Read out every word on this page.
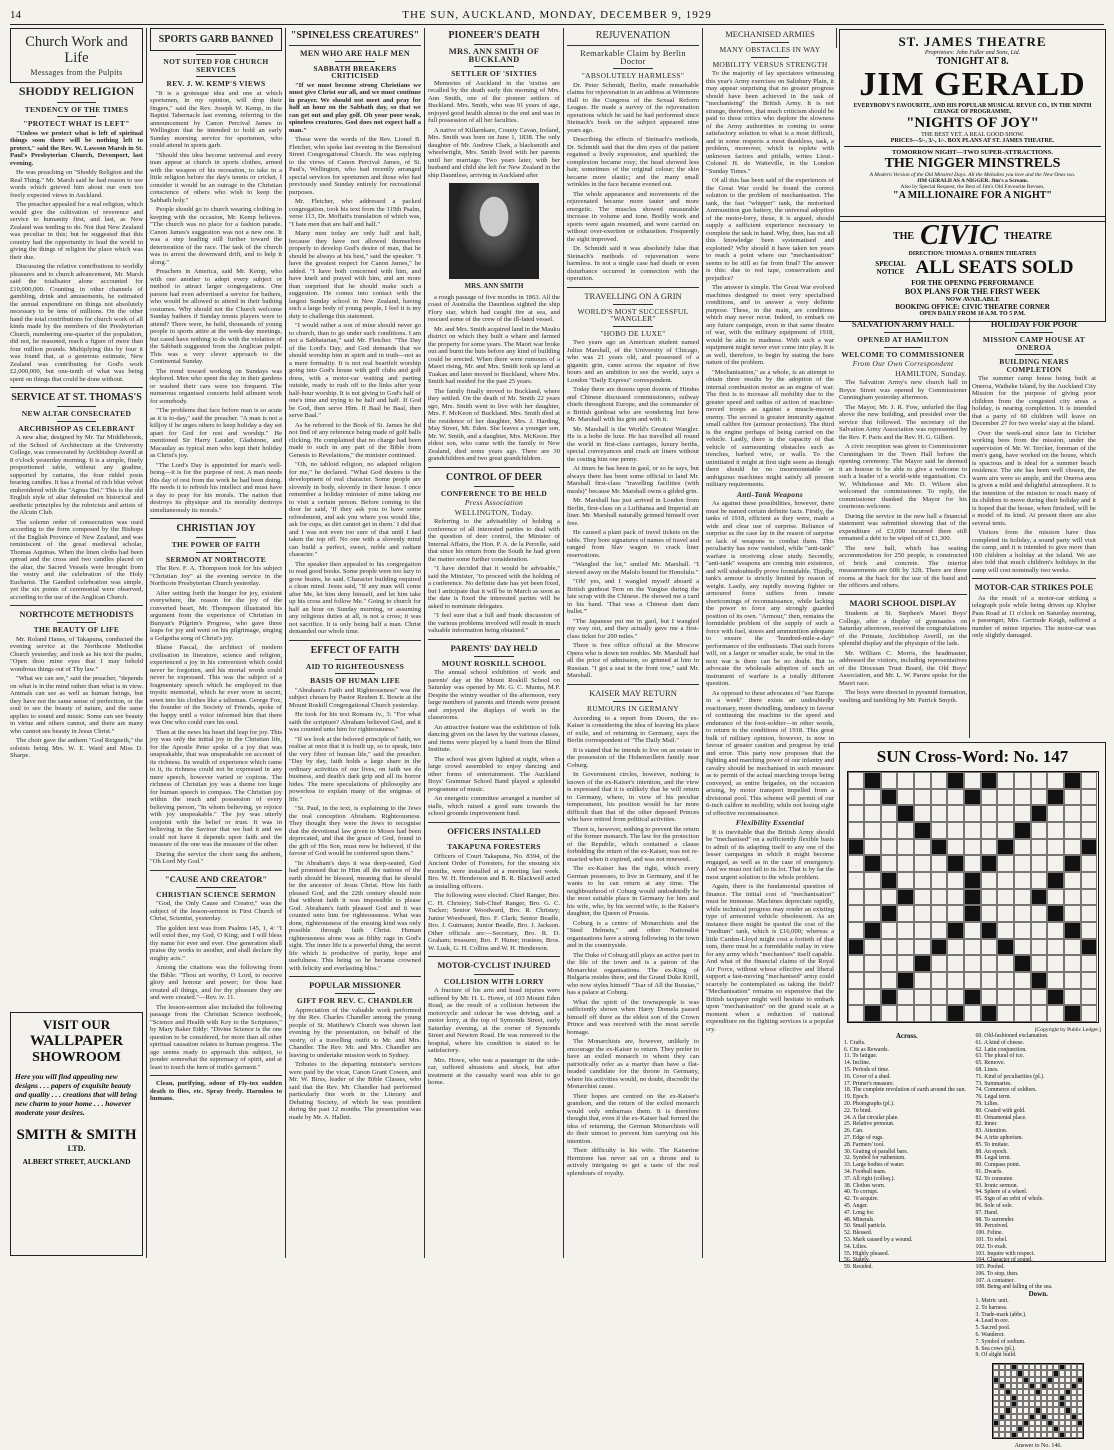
14	THE SUN, AUCKLAND, MONDAY, DECEMBER 9, 1929
Church Work and Life
Messages from the Pulpits
SHODDY RELIGION
TENDENCY OF THE TIMES
"PROTECT WHAT IS LEFT"

"Unless we protect what is left of spiritual things soon there will be nothing left to protect," said the Rev. W. Lawson Marsh in St. Paul's Presbyterian Church, Devonport, last evening.

He was preaching on "Shoddy Religion and the Real Thing." Mr. Marsh said he had reason to use words which grieved him about our own too freely expected views in Auckland.

The preacher appealed for a real religion, which would give the cultivation of reverence and service to humanity first, and last, as New Zealand was tending to do. Not that New Zealand was peculiar in this; but he suggested that this country had the opportunity to lead the world in giving the things of religion the place which was their due.

Discussing the relative contributions to worldly pleasures and to church advancement, Mr. Marsh said the totalisator alone accounted for £10,000,000. Counting in other channels of gambling, drink and amusements, he estimated the annual expenditure on things not absolutely necessary to be tens of millions. On the other hand the total contributions for church work of all kinds made by the members of the Presbyterian Church, numbering one-quarter of the population, did not, he reasoned, reach a figure of more than four million pounds. Multiplying this by four it was found that, at a generous estimate, New Zealand was contributing for God's work £2,000,000, but one-tenth of what was being spent on things that could be done without.

SERVICE AT ST. THOMAS'S
NEW ALTAR CONSECRATED
ARCHBISHOP AS CELEBRANT

A new altar, designed by Mr. Tar Middlebrook, of the School of Architecture at the University College, was consecrated by Archbishop Averill at 8 o'clock yesterday morning. It is a simple, finely proportioned table, without any gradine, supported by curtains, the four riddel posts bearing candles. It has a frontal of rich blue velvet embroidered with the "Agnus Dei." This is the old English style of altar defended on historical and aesthetic principles by the rubricists and artists of the Alcuin Club.

The solemn order of consecration was used according to the form composed by the Bishops of the English Province of New Zealand, and was reminiscent of the great medieval scholar, Thomas Aquinas. When the linen cloths had been spread and the cross and two candles placed on the altar, the Sacred Vessels were brought from the vestry and the celebration of the Holy Eucharist. The Gandled celebration was simple, yet the six points of ceremonial were observed, according to the use of the Anglican Church.

NORTHCOTE METHODISTS
THE BEAUTY OF LIFE

Mr. Roland Hanes, of Takapuna, conducted the evening service at the Northcote Methodist Church yesterday, and took as his text the psalm, "Open thou mine eyes that I may behold wondrous things out of Thy law."

"What we can see," said the preacher, "depends on what is in the mind rather than what is in view. Animals can see as well as human beings, but they have not the same sense of perfection, or the soul to see the beauty of nature, and the same applies to sound and music. Some can see beauty in virtue and others cannot, and there are many who cannot see beauty in Jesus Christ."

The choir gave the anthem "God Reigneth," the soloists being Mrs. W. E. Ward and Miss D. Sharpe.

VISIT OUR
WALLPAPER
SHOWROOM
Here you will find appealing new designs . . . papers of exquisite beauty and quality . . . creations that will bring new charm to your home . . . however moderate your desires.
SMITH & SMITH
LTD.
ALBERT STREET, AUCKLAND
SPORTS GARB BANNED
NOT SUITED FOR CHURCH SERVICES
REV. J. W. KEMP'S VIEWS

"It is a grotesque idea and one at which sportsmen, in my opinion, will drop their fingers," said the Rev. Joseph W. Kemp, in the Baptist Tabernacle last evening, referring to the announcement by Canon Percival James in Wellington that he intended to hold an early Sunday morning service for sportsmen, who could attend in sports garb.

"Should this idea become universal and every man appear at church in sports clothes, armed with the weapon of his recreation, to take in a little religion before the day's tennis or cricket, I consider it would be an outrage to the Christian conscience of others who wish to keep the Sabbath holy."

People should go to church wearing clothing in keeping with the occasion, Mr. Kemp believes. "The church was no place for a fashion parade. Canon James's suggestion was not a new one. It was a step leading still further toward the deterioration of the race. The task of the church was to arrest the downward drift, and to help it along."

Preachers in America, said Mr. Kemp, who with one another to adopt every subject or method to attract larger congregations. One parson had even advertised a service for bathers, who would be allowed to attend in their bathing costumes. Why should not the Church welcome Sunday bathers if Sunday tennis players were to attend? There were, he held, thousands of young people in sports attire at the week-day meetings, but cared have nothing to do with the violation of the Sabbath suggested from the Anglican pulpit. This was a very clever approach to the Continental Sunday.

The trend toward working on Sundays was deplored. Men who spent the day in their gardens or washed their cars were too frequent. The numerous organised concerts held ailment work for somebody.

"The problems that face before man is so acute as it is to-day," said the preacher. "A man is not a killjoy if he urges others to keep holiday a day set apart for God for rest and worship." He mentioned Sir Harry Lauder, Gladstone, and Macaulay as typical men who kept their holiday as Christ's joy.

"The Lord's Day is appointed for man's well-being—it is for the purpose of rest. A man needs this day of rest from the work he had been doing. He needs it to refresh his intellect and must have a day to pray for his morals. The nation that destroys its physique and its morality destroys simultaneously its morals."

CHRISTIAN JOY
THE POWER OF FAITH
SERMON AT NORTHCOTE

The Rev. F. A. Thompson took for his subject "Christian Joy" at the evening service in the Northcote Presbyterian Church yesterday.

After setting forth the hunger for joy, existent everywhere, the reason for the joy of the converted heart, Mr. Thompson illustrated his argument from the experience of Christian in Bunyan's Pilgrim's Progress, who gave three leaps for joy and went on his pilgrimage, singing a Golgotha song of Christ's joy.

Blaise Pascal, the architect of modern civilisation in literature, science and religion, experienced a joy in his conversion which could never be forgotten, and his mortal words could never be expressed. This was the subject of a fragmentary speech which he employed in that mystic memorial, which he ever wore in secret, sewn into his clothes like a talisman. George Fox, the founder of the Society of Friends, spoke of the happy until a voice informed him that there was One who could cure his soul.

Then at the news his heart did leap for joy. This joy was only the initial joy in the Christian life, for the Apostle Peter spoke of a joy that was unspeakable, that was unspeakable on account of its richness. Its wealth of experience which came to it, its richness could not be expressed in any mere speech, however varied or copious. The richness of Christian joy was a theme too huge for human speech to compass. The Christian joy within the reach and possession of every believing person, "In whom believing, ye rejoice with joy unspeakable." The joy was utterly conjoint with the belief or trust. It was in believing in the Saviour that we had it and we could not have it depends upon faith and the measure of the one was the measure of the other.

During the service the choir sang the anthem, "Oh Lord My God."

"CAUSE AND CREATOR"
CHRISTIAN SCIENCE SERMON

"God, the Only Cause and Creator," was the subject of the lesson-sermon in First Church of Christ, Scientist, yesterday.

The golden text was from Psalms 145, 1, 4: "I will extol thee, my God, O King; and I will bless thy name for ever and ever. One generation shall praise thy works to another, and shall declare thy mighty acts."

Among the citations was the following from the Bible: "Thou art worthy, O Lord, to receive glory and honour and power; for thou hast created all things, and for thy pleasure they are and were created."—Rev. iv. 11.

The lesson-sermon also included the following passage from the Christian Science textbook, "Science and Health with Key to the Scriptures," by Mary Baker Eddy: "Divine Science is the one question to be considered, for more than all other spiritual causation relates to human progress. The age seems ready to approach this subject, to ponder somewhat the supremacy of spirit, and at least to touch the hem of truth's garment."

Clean, purifying, odour of Fly-tox sudden death to flies, etc. Spray freely. Harmless to humans.

"SPINELESS CREATURES"
MEN WHO ARE HALF MEN
SABBATH BREAKERS CRITICISED

"If we must become strong Christians we must give Christ our all, and we must continue in prayer. We should not meet and pray for half an hour on the Sabbath day, so that we can get out and play golf. Oh your poor weak, spineless creatures. God does not expect half a man."

These were the words of the Rev. Lionel B. Fletcher, who spoke last evening in the Beresford Street Congregational Church. He was replying to the views of Canon Percival James, of St. Paul's, Wellington, who had recently arranged special services for sportsmen and those who had previously used Sunday entirely for recreational purposes.

Mr. Fletcher, who addressed a packed congregation, took his text from the 119th Psalm, verse 113, Dr. Moffatt's translation of which was, "I hate men that are half and half."

Many men today are only half and half, because they have not allowed themselves properly to develop God's desire of man, that he should be always at his best," said the speaker. "I have the greatest respect for Canon James," he added. "I have both concerned with him, and have knelt and prayed with him, and am more than surprised that he should make such a suggestion. He comes into contact with the largest Sunday school in New Zealand, having such a large body of young people, I feel it is my duty to challenge this statement.

"I would rather a son of mine should never go to church, than to go under such conditions. I am not a Sabbatarian," said Mr. Fletcher. "The Day of the Lord's Day, and God demands that we should worship him in spirit and in truth—not as a mere formality. It is not real heartfelt worship going into God's house with golf clubs and golf dress, with a motor-car waiting and parting outside, ready to rush off to the links after your half-hour worship. It is not giving to God's half of one's time and trying to be half and half. If God be God, then serve Him. If Baal be Baal, then serve Baal."

As he referred to the Book of St. James he did not find of any reference being made of golf balls clicking. He complained that no charge had been made to such in any part of the Bible from Genesis to Revelations," the minister continued.

"Oh, no tabloid religion, no adapted religion for me," he declared. "What God desires is the development of real character. Some people are slovenly in body, slovenly in their house. I once remember a holiday minister of mine taking me to visit a certain person. Before coming to the door he said, 'If they ask you to have some refreshment, and ask you where you would like, ask for cups, as dirt cannot get in them.' I did that and I was not even too sure of that until I had taken the top off. No one with a slovenly mind can build a perfect, sweet, noble and radiant character."

The speaker then appealed to his congregation to read good books. Some people were too lazy to grow brains, he said. Character building required a clean mind. Jesus said, "If any man will come after Me, let him deny himself, and let him take up his cross and follow Me." Going to church for half an hour on Sunday morning, or assuming any religious duties at all, is not a cross; it was not sacrifice. It is only being half a man. Christ demanded our whole time.

EFFECT OF FAITH
AID TO RIGHTEOUSNESS
BASIS OF HUMAN LIFE

"Abraham's Faith and Righteousness" was the subject chosen by Pastor Reuben E. Bowie at the Mount Roskill Congregational Church yesterday.

He took for his text Romans iv., 3: "For what saith the scripture? Abraham believed God, and it was counted unto him for righteousness."

"If we look at the beloved principle of faith, we realise at once that it is built up, so to speak, into the very fibre of human life," said the preacher. "Day by day, faith holds a large share in the ordinary activities of our lives, on faith we do business, and death's dark grip and all its horror hides. The mere speculations of philosophy are powerless to explain many of the enigmas of life."

"St. Paul, in the text, is explaining to the Jews the real conception Abraham. Righteousness. They thought they were the Jews to recognise that the devotional law given to Moses had been deprecated, and that the grace of God, found in the gift of His Son, must now be believed, if the favour of God would be conferred upon them."

"In Abraham's days it was deep-seated, God had promised that in Him all the nations of the earth should be blessed, meaning that he should be the ancestor of Jesus Christ. How his faith pleased God, and the 22th century should note that without faith it was impossible to please God. Abraham's faith pleased God and it was counted unto him for righteousness. What was done, righteousness of the ensuing kind was only possible through faith Christ. Human righteousness alone was as filthy rags in God's sight. The inner life is a powerful thing, the secret life which is productive of purity, hope and usefulness. This being so he became crowned with felicity and everlasting bliss."

POPULAR MISSIONER
GIFT FOR REV. C. CHANDLER

Appreciation of the valuable work performed by the Rev. Charles Chandler among the young people of St. Matthew's Church was shown last evening by the presentation, on behalf of the vestry, of a travelling outfit to Mr. and Mrs. Chandler. The Rev. Mr. and Mrs. Chandler are leaving to undertake mission work in Sydney.

Tributes to the departing minister's services were paid by the vicar, Canon Grant Cowen, and Mr. W. Birss, leader of the Bible Classes, who said that the Rev. Mr. Chandler had performed particularly fine work in the Literary and Debating Society, of which he was president during the past 12 months. The presentation was made by Mr. A. Hallett.

PIONEER'S DEATH
MRS. ANN SMITH OF BUCKLAND
SETTLER OF 'SIXTIES

Memories of Auckland in the 'sixties are recalled by the death early this morning of Mrs. Ann Smith, one of the pioneer settlers of Buckland. Mrs. Smith, who was 91 years of age, enjoyed good health almost to the end and was in full possession of all her faculties.

A native of Killarnkare, County Cavan, Ireland, Mrs. Smith was born on June 1, 1838. The only daughter of Mr. Andrew Clark, a blacksmith and wheelwright, Mrs. Smith lived with her parents until her marriage. Two years later, with her husband and child she left for New Zealand in the ship Dauntless, arriving in Auckland after

MRS. ANN SMITH

a rough passage of five months in 1863. All the coast of Australia the Dauntless sighted the ship Flory star, which had caught fire at sea, and rescued some of the crew of the ill-fated vessel.

Mr. and Mrs. Smith acquired land in the Mauku district on which they built a whare and farmed the property for some years. The Maori war broke out and burnt the huts before any kind of building could be erected. When there were rumours of a Maori rising, Mr. and Mrs. Smith took up land at Tuakau and later moved to Buckland, where Mrs. Smith had resided for the past 25 years.

The family finally moved to Buckland, where they settled. On the death of Mr. Smith 22 years ago, Mrs. Smith went to live with her daughter, Mrs. F. McKeon of Buckland. Mrs. Smith died at the residence of her daughter, Mrs. J. Harding, May Street, Mt. Eden. She leaves a younger son, Mr. W. Smith, and a daughter, Mrs. McKeon. Her eldest son, who came with the family to New Zealand, died some years ago. There are 30 grandchildren and two great grandchildren.

CONTROL OF DEER
CONFERENCE TO BE HELD
Press Association
WELLINGTON, Today.

Referring to the advisability of holding a conference of all interested parties to deal with the question of deer control, the Minister of Internal Affairs, the Hon. P. A. de la Perrelle, said that since his return from the South he had given the matter some further consideration.

"I have decided that it would be advisable," said the Minister, "to proceed with the holding of a conference. No definite date has yet been fixed, but I anticipate that it will be in March as soon as the date is fixed the interested parties will be asked to nominate delegates.

"I feel sure that a full and frank discussion of the various problems involved will result in much valuable information being obtained."

PARENTS' DAY HELD
MOUNT ROSKILL SCHOOL

The annual school exhibition of work and parents' day at the Mount Roskill School on Saturday was opened by Mr. G. C. Munns, M.P. Despite the wintry weather of the afternoon, very large numbers of parents and friends were present and enjoyed the displays of work in the classrooms.

An attractive feature was the exhibition of folk dancing given on the lawn by the various classes, and items were played by a band from the Blind Institute.

The school was given lighted at night, when a large crowd assembled to enjoy dancing and other forms of entertainment. The Auckland Boys' Grammar School Band played a splendid programme of music.

An energetic committee arranged a number of stalls, which raised a good sum towards the school grounds improvement fund.

OFFICERS INSTALLED
TAKAPUNA FORESTERS

Officers of Court Takapuna, No. 8394, of the Ancient Order of Foresters, for the ensuing six months, were installed at a meeting last week. Bro. W. H. Henderson and B. R. Blackwell acted as installing officers.

The following were elected: Chief Ranger, Bro. C. H. Christey; Sub-Chief Ranger, Bro. G. C. Tucker; Senior Woodward, Bro. R. Christey; Junior Woodward, Bro. F. Clark; Senior Beadle, Bro. J. Gutmann; Junior Beadle, Bro. J. Jackson. Other officials are:—Secretary, Bro. R. D. Graham; treasurer, Bro. F. Hume; trustees, Bros. W. Lusk, G. H. Collins and W. H. Henderson.

MOTOR-CYCLIST INJURED
COLLISION WITH LORRY

A fracture of his arm and head injuries were suffered by Mr. H. L. Howe, of 103 Mount Eden Road, as the result of a collision between the motorcycle and sidecar he was driving, and a motor lorry, at the top of Symonds Street, early Saturday evening, at the corner of Symonds Street and Newton Road. He was removed to the hospital, where his condition is stated to be satisfactory.

Mrs. Howe, who was a passenger in the side-car, suffered abrasions and shock, but after treatment at the casualty ward was able to go home.

REJUVENATION
Remarkable Claim by Berlin Doctor
"ABSOLUTELY HARMLESS"

Dr. Peter Schmidt, Berlin, made remarkable claims for rejuvenation in an address at Wimmore Hall to the Congress of the Sexual Reform League. He made a survey of the rejuvenation operations which he said he had performed since Steinach's book on the subject appeared nine years ago.

Describing the effects of Steinach's methods, Dr. Schmidt said that the dim eyes of the patient regained a lively expression, and sparkled; the complexion became rosy; the head showed less hair, sometimes of the original colour; the skin became more elastic; and the many small wrinkles in the face became evened out.

The whole appearance and movements of the rejuvenated became more tauter and more energetic. The muscles showed measurable increase in volume and tone. Bodily work and sports were again resumed, and were carried on without over-exertion or exhaustion. Frequently the sight improved.

Dr. Schmidt said it was absolutely false that Steinach's methods of rejuvenation were harmless. In not a single case had death or even disturbance occurred in connection with the operation.

TRAVELLING ON A GRIN
WORLD'S MOST SUCCESSFUL "WANGLER"
"HOBO DE LUXE"

Two years ago an American student named Julius Marshall, of the University of Chicago, who was 21 years old, and possessed of a gigantic grin, came across the equator of five hours and an ambition to see the world, says a London "Daily Express" correspondent.

Today there are dozens upon dozens of Hindus and Chinese discussed commissioners, railway chiefs throughout Europe, and the commander of a British gunboat who are wondering but how Mr. Marshall with his grin and with it.

Mr. Marshall is the World's Greatest Wangler. He is a hobo de luxe. He has travelled all round the world in first-class carriages, luxury berths, special conveyances and crack air liners without the costing him one penny.

At times he has been in gaol, or so he says, but always there has been some official to land Mr. Marshall first-class "travelling facilities (with meals)" because Mr. Marshall owns a gilded grin.

Mr. Marshall has just arrived in London from Berlin, first-class on a Lufthansa and Imperial air liner. Mr. Marshall naturally grinned himself over free.

He caused a plant pack of travel tickets on the table. They bore signatures of names of travel and ranged from Slav wagon to crack liner reservations.

"Wangled the lot," smiled Mr. Marshall. "I stowed away on the Malolo bound for Honolulu."

"Oh! yes, and I wangled myself aboard a British gunboat Tern on the Yangtse during the late scrap with the Chinese. He showed me a card in his hand. 'That was a Chinese dam dam bullet.'"

"The Japanese put me in gaol, but I wangled my way out, and they actually gave me a first-class ticket for 200 miles."

There is free office official at the Moscow Opera who is down ten roubles. Mr. Marshall had all the price of admission, so grinned at him in Russian. "I got a seat in the front row," said Mr. Marshall.

KAISER MAY RETURN
RUMOURS IN GERMANY

According to a report from Doorn, the ex-Kaiser is considering the idea of leaving his place of exile, and of returning to Germany, says the Berlin correspondent of "The Daily Mail."

It is stated that he intends to live on an estate in the possession of the Hohenzollern family near Coburg.

In Government circles, however, nothing is known of the ex-Kaiser's intention, and the view is expressed that it is unlikely that he will return to Germany, where, in view of his peculiar temperament, his position would be far more difficult than that of the other deposed Princes who have retired from political activities.

There is, however, nothing to prevent the return of the former monarch. The law for the protection of the Republic, which contained a clause forbidding the return of the ex-Kaiser, was not re-enacted when it expired, and was not renewed.

The ex-Kaiser has the right, which every German possesses, to live in Germany, and if he wants to he can return at any time. The neighbourhood of Coburg would undoubtedly be the most suitable place in Germany for him and his wife, who, by his second wife, is the Kaiser's daughter, the Queen of Prussia.

Coburg is a centre of Monarchists and the "Steel Helmets," and other Nationalist organisations have a strong following in the town and in the countryside.

The Duke of Coburg still plays an active part in the life of the town and is a patron of the Monarchist organisations. The ex-King of Bulgaria resides there, and the Grand Duke Kirill, who now styles himself "Tsar of All the Russias," has a palace at Coburg.

What the spirit of the townspeople is was sufficiently shown when Harry Domela passed himself off there as the eldest son of the Crown Prince and was received with the most servile homage.

The Monarchists are, however, unlikely to encourage the ex-Kaiser to return. They prefer to have an exiled monarch to whom they can patriotically refer as a martyr than have a flat-headed candidate for the throne in Germany, where his activities would, no doubt, discredit the Monarchist cause.

Their hopes are centred on the ex-Kaiser's grandson, and the return of the exiled monarch would only embarrass them. It is therefore thought that, even if the ex-Kaiser had formed the idea of returning, the German Monarchists will do their utmost to prevent him carrying out his intention.

Their difficulty is his wife. The Kaiserine Hermione has never sat on a throne and is actively intriguing to get a taste of the real splendours of royalty.

MECHANISED ARMIES
MANY OBSTACLES IN WAY
MOBILITY VERSUS STRENGTH

To the majority of lay spectators witnessing this year's Army exercises on Salisbury Plain, it may appear surprising that no greater progress should have been achieved in the task of "mechanising" the British Army. It is not strange, therefore, that much criticism should be paid to those critics who deplore the slowness of the Army authorities in coming to some satisfactory solution to what is a most difficult, and in some respects a most thankless, task, a problem, moreover, which is replete with unknown factors and pitfalls, writes Lieut.-Colonel H. de Watteville, in the London "Sunday Times."

Of all this has been said of the experiences of the Great War could be found the correct solution to the problem of mechanisation. The tank, the fast "whippet" tank, the motorised Ammunition gun battery, the universal adoption of the motor-lorry, these, it is argued, should supply a sufficient experience necessary to complete the task in hand. Why, then, has not all this knowledge been systematised and exploited? Why should it have taken ten years to reach a point where our "mechanisation" seems to be still so far from final? The answer is this: due to red tape, conservatism and prejudice?

The answer is simple. The Great War evolved machines designed to meet very specialised conditions, and to answer a very definite purpose. These, in the main, are conditions which may never recur. Indeed, to embark on any future campaign, even in that same theatre of war, with the military equipment of 1918, would be akin to madness. With such a war equipment might never ever come into play. It is as well, therefore, to begin by stating the bare nature of the problem.

"Mechanisation," as a whole, is an attempt to obtain three results by the adoption of the internal combustion motor as an engine of war. The first is to increase all mobility due to the greater speed and radius of action of machine-moved troops as against a muscle-moved enemy. The second is greater immunity against small calibre fire (armour protection). The third is the engine perhaps of being carried on the vehicle. Lastly, there is the capacity of that vehicle of surmounting obstacles such as trenches, barbed wire, or walls. To the uninitiated it might at first sight seem as though there should be no insurmountable or ambiguous machines might satisfy all present military requirements.

Anti-Tank Weapons

As against these possibilities, however, there must be named certain definite facts. Firstly, the tanks of 1918, efficient as they were, made a wide and clear use of surprise. Reliance of surprise as the case lay in the reason of surprise or lack of weapons to combat them. This peculiarity has now vanished, while "anti-tank" warfare is receiving close study. Secondly, "anti-tank" weapons are coming into existence, and will undoubtedly prove formidable. Thirdly, tank's armour is strictly limited by reason of weight. Lastly, any rapidly moving fighter or armoured force suffers from innate shortcomings of reconnaissance, while lacking the power to force any strongly guarded position of its own. "Armour," then, remains the formidable problem of the supply of such a force with fuel, stores and ammunition adequate to ensure the "hundred-mile-a-day" performance of the enthusiasts. That such forces will, on a larger or smaller scale, be vital in the next war is there can be no doubt. But to advocate the wholesale adoption of such an instrument of warfare is a totally different question.

As opposed to these advocates of "see Europe in a week" there exists an undoubtedly reactionary, more dwindling, tendency in favour of continuing the machine to the speed and endurance of the foot-soldier—in other words, to return to the conditions of 1918. This great bulk of military opinion, however, is now in favour of greater caution and progress by trial and error. This party now proposes that the fighting and marching power of our infantry and cavalry should be mechanised in such measure as to permit of the actual marching troops being conveyed, as entire brigades, on the occasion arising, by motor transport impelled from a divisional pool. This scheme will permit of our 6-inch calibre in mobility, while not losing sight of effective reconnaissance.

Flexibility Essential

It is inevitable that the British Army should be "mechanised" on a sufficiently flexible basis to admit of its adapting itself to any one of the lesser campaigns in which it might become engaged, as well as in the case of emergency. And we must not fail to its lot. That is by far the most urgent solution to the whole problem.

Again, there is the fundamental question of finance. The initial cost of "mechanisation" must be immense. Machines depreciate rapidly, while technical progress may render an existing type of armoured vehicle obsolescent. As an instance there might be quoted the cost of the "medium" tank, which is £16,000; whereas a little Carden-Lloyd might cost a fortieth of that sum, there must be a formidable outlay in view for any army which "mechanises" itself capable. And what of the financial claims of the Royal Air Force, without whose effective and liberal support a fast-moving "mechanised" army could scarcely be contemplated as taking the field? "Mechanisation" remains so expensive that the British taxpayer might well hesitate to embark upon "mechanisation" on the grand scale at a moment when a reduction of national expenditure on the fighting services is a popular cry.

ST. JAMES THEATRE
Proprietors: John Fuller and Sons, Ltd.
TONIGHT AT 8.
JIM GERALD
EVERYBODY'S FAVOURITE, AND HIS POPULAR MUSICAL REVUE CO., IN THE NINTH CHANGE OF PROGRAMME,
"NIGHTS OF JOY"
THE BEST YET. A REAL GOOD SHOW.
PRICES—5/-, 3/-, 1/-. BOX PLANS AT ST. JAMES THEATRE.
TOMORROW NIGHT—TWO SUPER-ATTRACTIONS.
THE NIGGER MINSTRELS
A Modern Version of the Old Minstrel Days. All the Melodies you love and the New Ones too.
JIM GERALD AS A NIGGER. Jim's a Scream.
Also by Special Request, the Best of Jim's Old Favourite Revues,
"A MILLIONAIRE FOR A NIGHT"
THE CIVIC THEATRE
DIRECTION: THOMAS A. O'BRIEN THEATRES
SPECIAL NOTICE ALL SEATS SOLD
FOR THE OPENING PERFORMANCE
BOX PLANS FOR THE FIRST WEEK
NOW AVAILABLE
BOOKING OFFICE: CIVIC THEATRE CORNER
OPEN DAILY FROM 10 A.M. TO 5 P.M.
SALVATION ARMY HALL
OPENED AT HAMILTON
WELCOME TO COMMISSIONER
From Our Own Correspondent
HAMILTON, Sunday.

The Salvation Army's new church hall in Boyce Street was opened by Commissioner Cunningham yesterday afternoon.

The Mayor, Mr. J. R. Fow, unfurled the flag above the new building, and presided over the service that followed. The secretary of the Salvation Army Association was represented by the Rev. F. Paris and the Rev. H. G. Gilbert.

A civic reception was given to Commissioner Cunningham in the Town Hall before the opening ceremony. The Mayor said he deemed it an honour to be able to give a welcome to such a leader of a world-wide organisation. Cr. W. Whitehouse and Mr. D. Wilson also welcomed the commissioner. To reply, the commissioner thanked the Mayor for his courteous welcome.

During the service in the new hall a financial statement was submitted showing that of the expenditure of £3,000 incurred there still remained a debt to be wiped off of £1,300.

The new hall, which has seating accommodation for 250 people, is constructed of brick and concrete. The interior measurements are 60ft by 32ft. There are three rooms at the back for the use of the band and the officers and others.

MAORI SCHOOL DISPLAY

Students at St. Stephen's Maori Boys' College, after a display of gymnastics on Saturday afternoon, received the congratulations of the Primate, Archbishop Averill, on the splendid display and the physique of the lads.

Mr. William C. Morris, the headmaster, addressed the visitors, including representatives of the Diocesan Trust Board, the Old Boys' Association, and Mr. L. W. Parore spoke for the Maori race.

The boys were directed in pyramid formation, vaulting and tumbling by Mr. Patrick Smyth.

HOLIDAY FOR POOR
MISSION CAMP HOUSE AT ONEROA
BUILDING NEARS COMPLETION

The summer camp house being built at Oneroa, Waiheke Island, by the Auckland City Mission for the purpose of giving poor children from the congested city areas a holiday, is nearing completion. It is intended that a party of 60 children will leave on December 27 for two weeks' stay at the island.

Over the week-end since late in October working bees from the mission, under the supervision of Mr. W. Tercker, foreman of the men's gang, have worked on the house, which is spacious and is ideal for a summer beach residence. The site has been well chosen, the warm airs were so ample, and the Oneroa area is given a mild and delightful atmosphere. It is the intention of the mission to reach many of its children to move during their holiday and it is hoped that the house, when finished, will be a model of its kind. At present there are also several tents.

Visitors from the mission have thus completed its holiday, a sound party will visit the camp, and it is intended to give more than 100 children a holiday at the island. We are also told that much children's holidays in the camp will cost nominally two weeks.

MOTOR-CAR STRIKES POLE

As the result of a motor-car striking a telegraph pole while being driven up Khyber Pass Road at 11 o'clock on Saturday morning, a passenger, Mrs. Gertrude Keigh, suffered a number of minor injuries. The motor-car was only slightly damaged.

SUN Cross-Word: No. 147
[Copyright by Public Ledger.]
Across.
1. Crafts.
6. Cite as Rewards.
11. To fatigue.
14. Incline.
15. Periods of time.
16. Cover of a shed.
17. Primer's measure.
18. The complete revolution of earth around the sun.
19. Epoch.
20. Photographs (pl.).
22. To bind.
24. A flat circular plate.
25. Relative pronoun.
26. Can.
27. Edge of rugs.
28. Farmers' tool.
30. Grating of parallel bars.
32. Symbol for ruthenium.
33. Large bodies of water.
34. Football team.
37. All right (colloq.).
38. Clothes worn.
40. To corrupt.
42. To acquire.
45. Anger.
47. Long for.
48. Minerals.
50. Small particle.
52. Blessed.
53. Mark caused by a wound.
54. Lilies.
55. Highly pleased.
56. Stately.
59. Resided.
60. Old-fashioned exclamation.
61. A kind of cheese.
62. Latin conjunction.
63. The plural of ice.
65. Remove.
68. Lines.
71. Kind of peculiarities (pl.).
73. Summaries.
74. Commerce of soldiers.
76. Legal term.
79. Lilies.
80. Coated with gold.
81. Ornamental place.
82. Inner.
83. Attention.
84. A trite aphorism.
85. To imitate.
88. An epoch.
89. Legal term.
90. Compass point.
91. Dwarfs.
92. To consume.
93. Ironic sermon.
94. Sphere of a wheel.
95. Sign of an orbit of whole.
96. Sole of sole.
97. Hand.
98. To surrender.
99. Perceived.
100. Feline.
101. To rebel.
102. To exalt.
103. Inquire with respect.
104. Character of sound.
105. Pooled.
106. To stop, then.
107. A container.
108. Being and falling of the sea.
Down.
1. Metric unit.
2. To harness.
3. Trade-mark (abbr.).
4. Lead in ore.
5. Sacred pool.
6. Wanderer.
7. Symbol of sodium.
8. Sea cows (pl.).
9. Of slight build.
Answer to No. 146.
